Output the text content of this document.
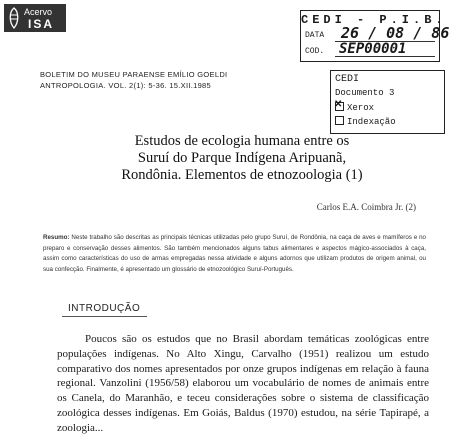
Acervo
ISA	CEDI - P.I.B.
DATA 26 / 08 / 86
COD. SEP00001
CEDI
Documento 3
✕Xerox
Indexação
BOLETIM DO MUSEU PARAENSE EMÍLIO GOELDI
ANTROPOLOGIA. VOL. 2(1): 5-36. 15.XII.1985
Estudos de ecologia humana entre os
Suruí do Parque Indígena Aripuanã,
Rondônia. Elementos de etnozoologia (1)
Carlos E.A. Coimbra Jr. (2)
Resumo: Neste trabalho são descritas as principais técnicas utilizadas pelo grupo Suruí, de Rondônia, na caça de aves e mamíferos e no preparo e conservação desses alimentos. São também mencionados alguns tabus alimentares e aspectos mágico-associados à caça, assim como características do uso de armas empregadas nessa atividade e alguns adornos que utilizam produtos de origem animal, ou sua confecção. Finalmente, é apresentado um glossário de etnozoológico Suruí-Português.
INTRODUÇÃO
Poucos são os estudos que no Brasil abordam temáticas zoológicas entre populações indígenas. No Alto Xingu, Carvalho (1951) realizou um estudo comparativo dos nomes apresentados por onze grupos indígenas em relação à fauna regional. Vanzolini (1956/58) elaborou um vocabulário de nomes de animais entre os Canela, do Maranhão, e teceu considerações sobre o sistema de classificação zoológica desses indígenas. Em Goiás, Baldus (1970) estudou, na série Tapirapé, a zoologia...
